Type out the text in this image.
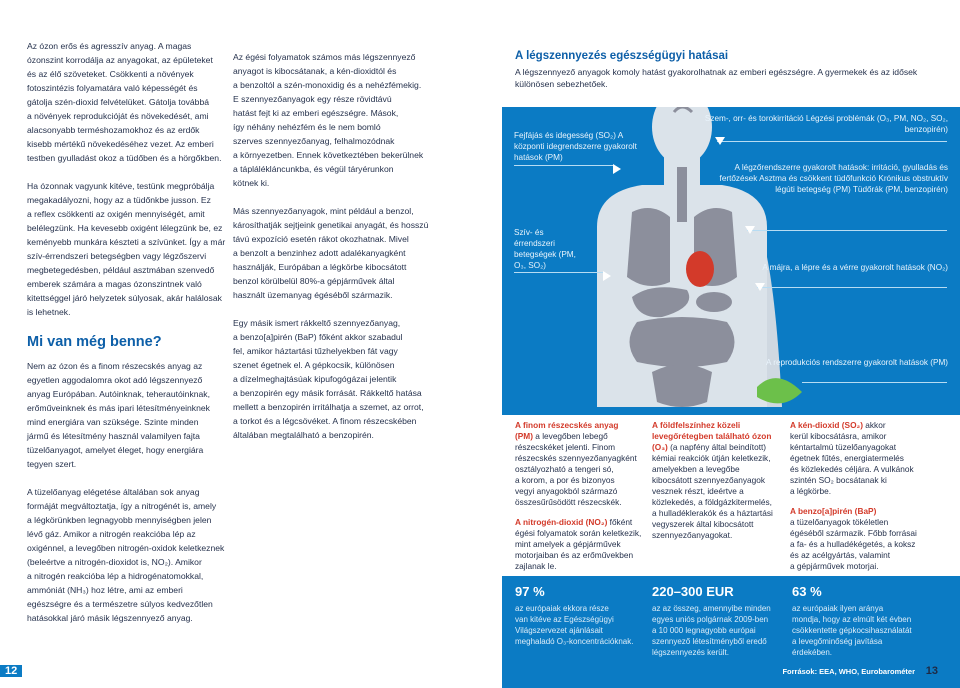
Az ózon erős és agresszív anyag. A magas
ózonszint korrodálja az anyagokat, az épületeket
és az élő szöveteket. Csökkenti a növények
fotoszintézis folyamatára való képességét és
gátolja szén-dioxid felvételüket. Gátolja továbbá
a növények reprodukcióját és növekedését, ami
alacsonyabb terméshozamokhoz és az erdők
kisebb mértékű növekedéséhez vezet. Az emberi
testben gyulladást okoz a tüdőben és a hörgőkben.

Ha ózonnak vagyunk kitéve, testünk megpróbálja
megakadályozni, hogy az a tüdőnkbe jusson. Ez
a reflex csökkenti az oxigén mennyiségét, amit
belélegzünk. Ha kevesebb oxigént lélegzünk be, ez
keményebb munkára készteti a szívünket. Így a már
szív-érrendszeri betegségben vagy légzőszervi
megbetegedésben, például asztmában szenvedő
emberek számára a magas ózonszintnek való
kitettséggel járó helyzetek súlyosak, akár halálosak
is lehetnek.

Mi van még benne?

Nem az ózon és a finom részecskés anyag az
egyetlen aggodalomra okot adó légszennyező
anyag Európában. Autóinknak, teherautóinknak,
erőműveinknek és más ipari létesítményeinknek
mind energiára van szüksége. Szinte minden
jármű és létesítmény használ valamilyen fajta
tüzelőanyagot, amelyet éleget, hogy energiára
tegyen szert.

A tüzelőanyag elégetése általában sok anyag
formáját megváltoztatja, így a nitrogénét is, amely
a légkörünkben legnagyobb mennyiségben jelen
lévő gáz. Amikor a nitrogén reakcióba lép az
oxigénnel, a levegőben nitrogén-oxidok keletkeznek
(beleértve a nitrogén-dioxidot is, NO₂). Amikor
a nitrogén reakcióba lép a hidrogénatomokkal,
ammóniát (NH₃) hoz létre, ami az emberi
egészségre és a természetre súlyos kedvezőtlen
hatásokkal járó másik légszennyező anyag.

Az égési folyamatok számos más légszennyező
anyagot is kibocsátanak, a kén-dioxidtól és
a benzoltól a szén-monoxidig és a nehézfémekig.
E szennyezőanyagok egy része rövidtávú
hatást fejt ki az emberi egészségre. Mások,
így néhány nehézfém és le nem bomló
szerves szennyezőanyag, felhalmozódnak
a környezetben. Ennek következtében bekerülnek
a táplálékláncunkba, és végül táryérunkon
kötnek ki.

Más szennyezőanyagok, mint például a benzol,
károsíthatják sejtjeink genetikai anyagát, és hosszú
távú expozíció esetén rákot okozhatnak. Mivel
a benzolt a benzinhez adott adalékanyagként
használják, Európában a légkörbe kibocsátott
benzol körülbelül 80%-a gépjárművek által
használt üzemanyag égéséből származik.

Egy másik ismert rákkeltő szennyezőanyag,
a benzo[a]pirén (BaP) főként akkor szabadul
fel, amikor háztartási tűzhelyekben fát vagy
szenet égetnek el. A gépkocsik, különösen
a dízelmeghajtásúak kipufogógázai jelentik
a benzopirén egy másik forrását. Rákkeltő hatása
mellett a benzopirén irritálhatja a szemet, az orrot,
a torkot és a légcsövéket. A finom részecskében
általában megtalálható a benzopirén.

12
A légszennyezés egészségügyi hatásai
A légszennyező anyagok komoly hatást gyakorolhatnak az emberi egészségre. A gyermekek és az idősek különösen sebezhetőek.
Fejfájás és idegesség (SO₂) A központi idegrendszerre gyakorolt hatások (PM)
Szív- és érrendszeri betegségek (PM, O₃, SO₂)
Szem-, orr- és torokirritáció Légzési problémák (O₃, PM, NO₂, SO₂, benzopirén)
A légzőrendszerre gyakorolt hatások: irritáció, gyulladás és fertőzések Asztma és csökkent tüdőfunkció Krónikus obstruktív légúti betegség (PM) Tüdőrák (PM, benzopirén)
A májra, a lépre és a vérre gyakorolt hatások (NO₂)
A reprodukciós rendszerre gyakorolt hatások (PM)

A finom részecskés anyag
(PM) a levegőben lebegő
részecskéket jelenti. Finom
részecskés szennyezőanyagként
osztályozható a tengeri só,
a korom, a por és bizonyos
vegyi anyagokból származó
összesűrűsödött részecskék.

A nitrogén-dioxid (NO₂) főként
égési folyamatok során keletkezik,
mint amelyek a gépjárművek
motorjaiban és az erőművekben
zajlanak le.

A földfelszínhez közeli
levegőrétegben található ózon
(O₃) (a napfény által beindított)
kémiai reakciók útján keletkezik,
amelyekben a levegőbe
kibocsátott szennyezőanyagok
vesznek részt, ideértve a
közlekedés, a földgázkitermelés,
a hulladéklerakók és a háztartási
vegyszerek által kibocsátott
szennyezőanyagokat.

A kén-dioxid (SO₂) akkor
kerül kibocsátásra, amikor
kéntartalmú tüzelőanyagokat
égetnek fűtés, energiatermelés
és közlekedés céljára. A vulkánok
szintén SO₂ bocsátanak ki
a légkörbe.

A benzo[a]pirén (BaP)
a tüzelőanyagok tökéletlen
égéséből származik. Főbb forrásai
a fa- és a hulladékégetés, a koksz
és az acélgyártás, valamint
a gépjárművek motorjai.

97 %
az európaiak ekkora része
van kitéve az Egészségügyi
Világszervezet ajánlásait
meghaladó O₃-koncentrációknak.
220–300 EUR
az az összeg, amennyibe minden
egyes uniós polgárnak 2009-ben
a 10 000 legnagyobb európai
szennyező létesítményből eredő
légszennyezés került.
63 %
az európaiak ilyen arányа
mondja, hogy az elmúlt két évben
csökkentette gépkocsihasználatát
a levegőminőség javítása
érdekében.
Források: EEA, WHO, Eurobarométer 13
